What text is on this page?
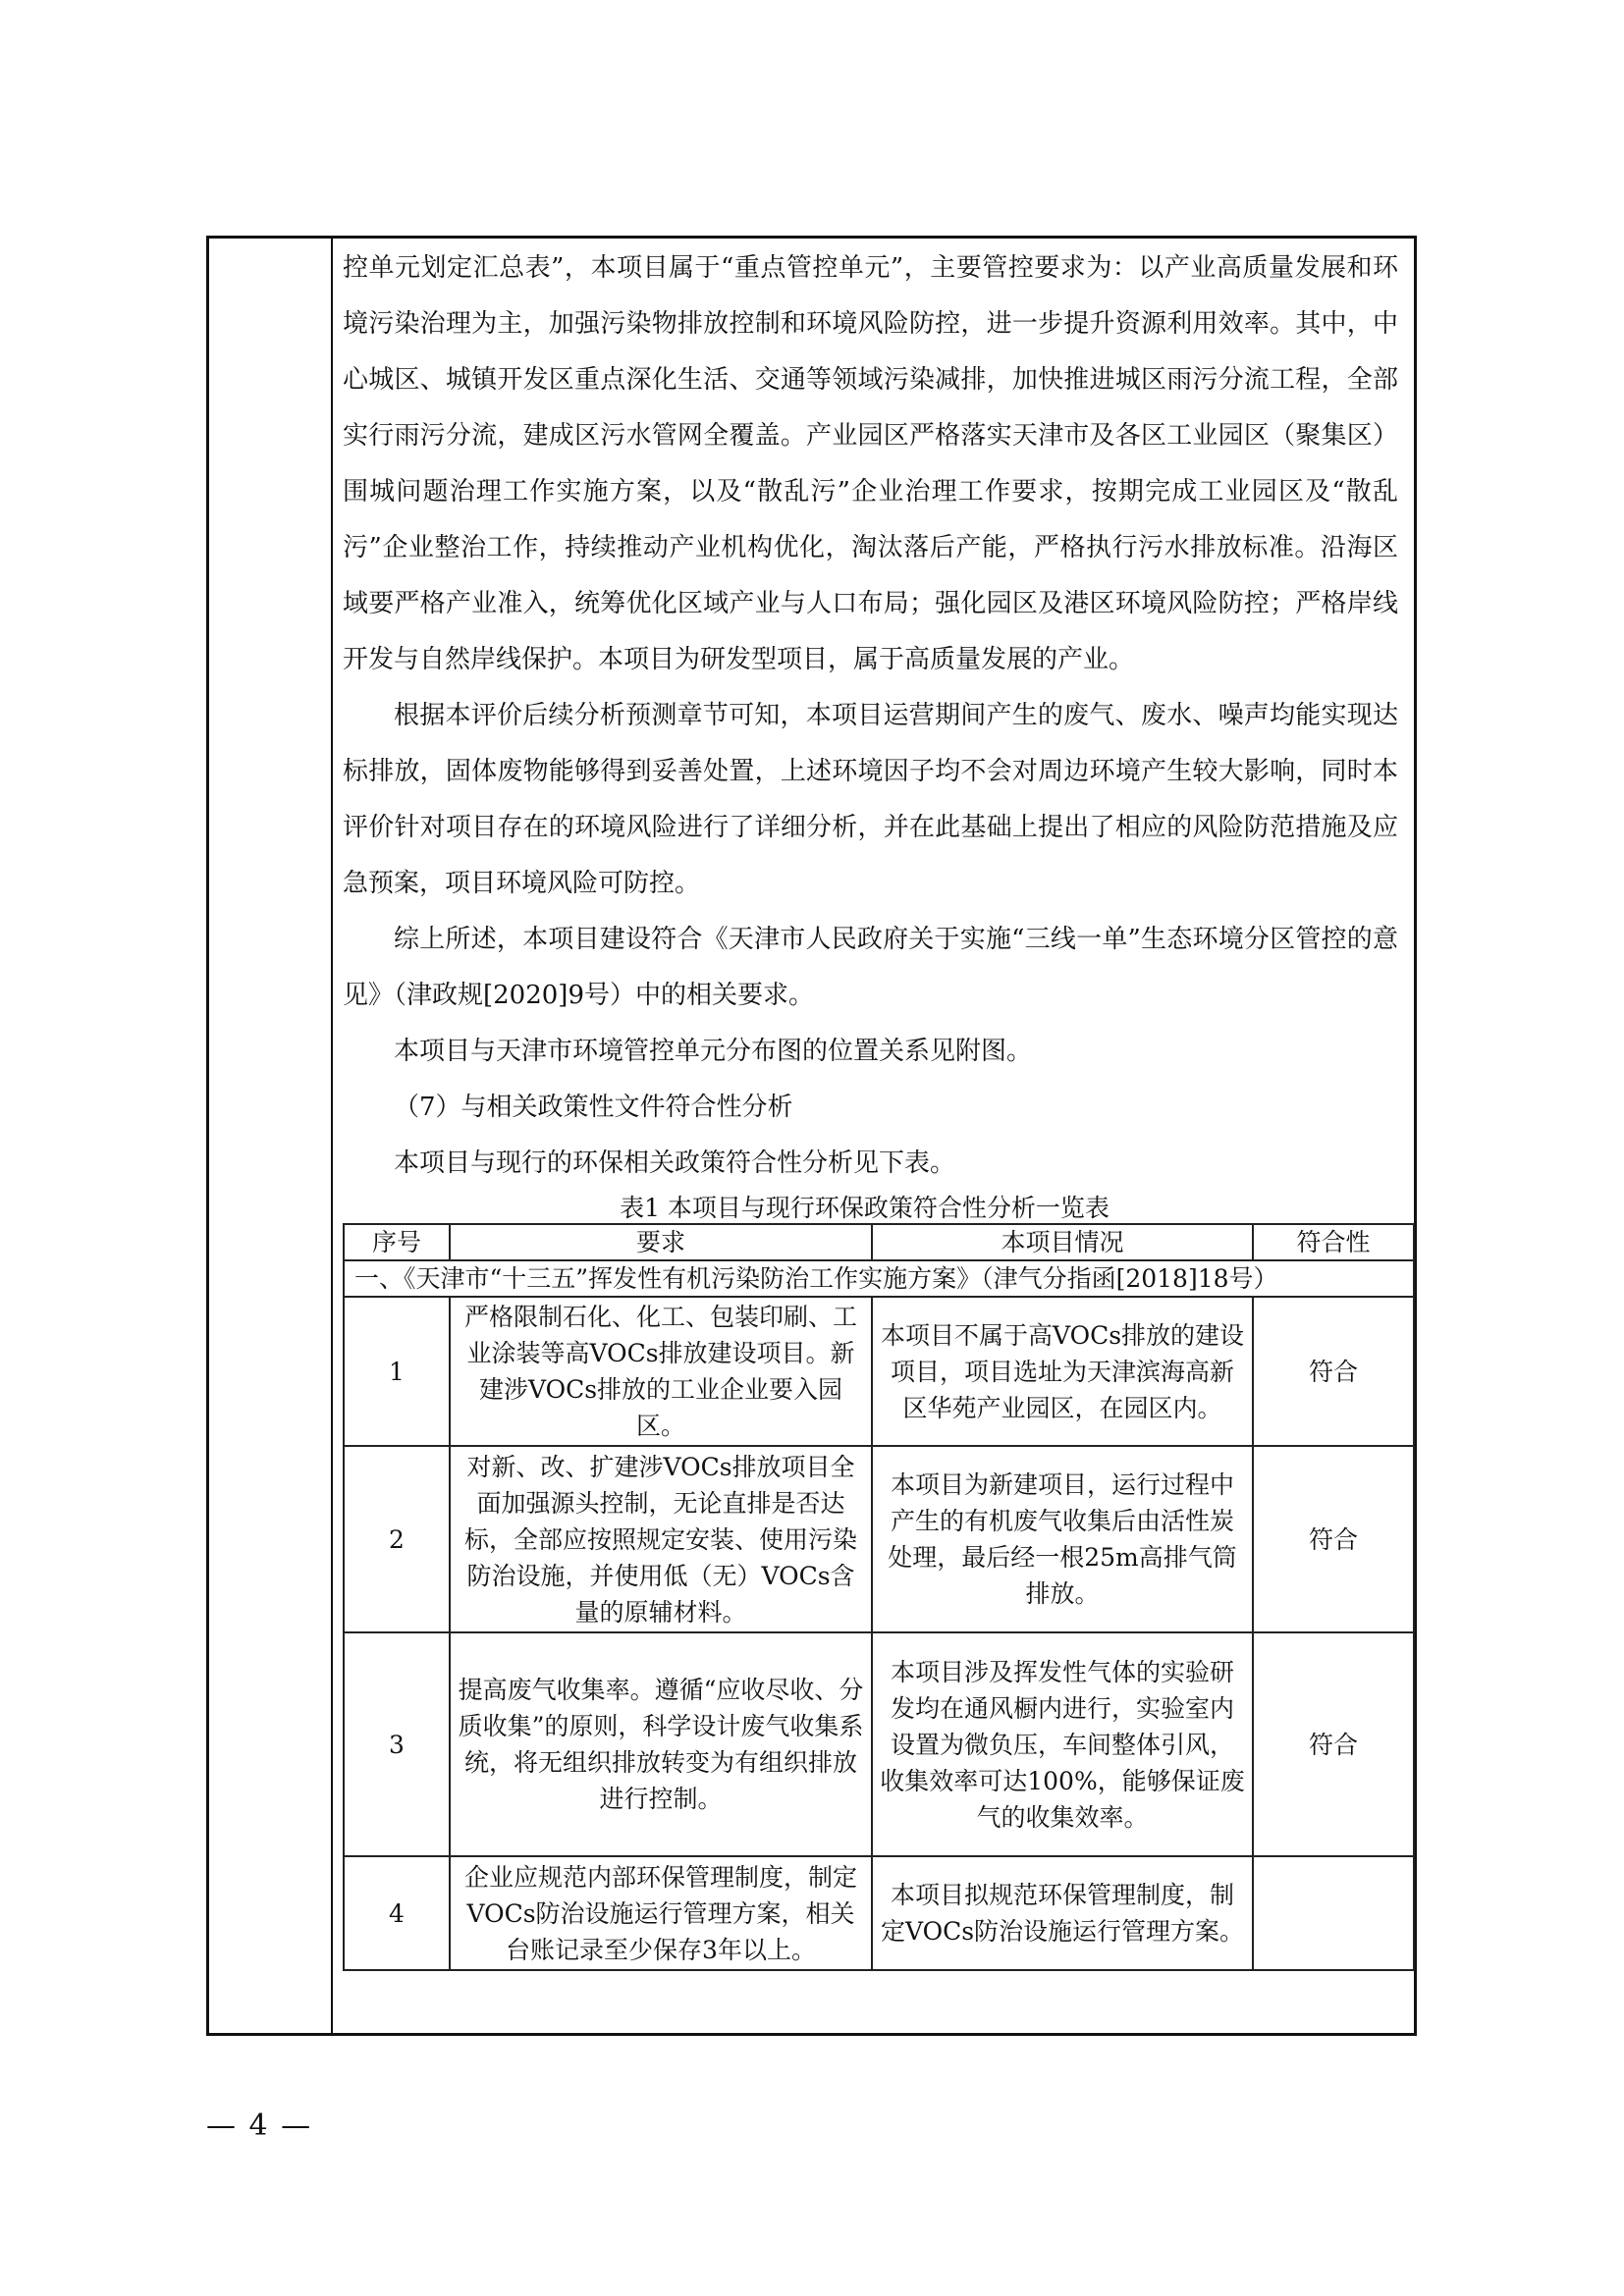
控单元划定汇总表”，本项目属于“重点管控单元”，主要管控要求为：以产业高质量发展和环境污染治理为主，加强污染物排放控制和环境风险防控，进一步提升资源利用效率。其中，中心城区、城镇开发区重点深化生活、交通等领域污染减排，加快推进城区雨污分流工程，全部实行雨污分流，建成区污水管网全覆盖。产业园区严格落实天津市及各区工业园区（聚集区）围城问题治理工作实施方案，以及“散乱污”企业治理工作要求，按期完成工业园区及“散乱污”企业整治工作，持续推动产业机构优化，淘汰落后产能，严格执行污水排放标准。沿海区域要严格产业准入，统筹优化区域产业与人口布局；强化园区及港区环境风险防控；严格岸线开发与自然岸线保护。本项目为研发型项目，属于高质量发展的产业。

根据本评价后续分析预测章节可知，本项目运营期间产生的废气、废水、噪声均能实现达标排放，固体废物能够得到妥善处置，上述环境因子均不会对周边环境产生较大影响，同时本评价针对项目存在的环境风险进行了详细分析，并在此基础上提出了相应的风险防范措施及应急预案，项目环境风险可防控。

综上所述，本项目建设符合《天津市人民政府关于实施“三线一单”生态环境分区管控的意见》（津政规[2020]9号）中的相关要求。

本项目与天津市环境管控单元分布图的位置关系见附图。

（7）与相关政策性文件符合性分析

本项目与现行的环保相关政策符合性分析见下表。

表1 本项目与现行环保政策符合性分析一览表
序号	要求	本项目情况	符合性
一、《天津市“十三五”挥发性有机污染防治工作实施方案》（津气分指函[2018]18号）			
1	严格限制石化、化工、包装印刷、工业涂装等高VOCs排放建设项目。新建涉VOCs排放的工业企业要入园区。	本项目不属于高VOCs排放的建设项目，项目选址为天津滨海高新区华苑产业园区，在园区内。	符合
2	对新、改、扩建涉VOCs排放项目全面加强源头控制，无论直排是否达标，全部应按照规定安装、使用污染防治设施，并使用低（无）VOCs含量的原辅材料。	本项目为新建项目，运行过程中产生的有机废气收集后由活性炭处理，最后经一根25m高排气筒排放。	符合
3	提高废气收集率。遵循“应收尽收、分质收集”的原则，科学设计废气收集系统，将无组织排放转变为有组织排放进行控制。	本项目涉及挥发性气体的实验研发均在通风橱内进行，实验室内设置为微负压，车间整体引风，收集效率可达100%，能够保证废气的收集效率。	符合
4	企业应规范内部环保管理制度，制定VOCs防治设施运行管理方案，相关台账记录至少保存3年以上。	本项目拟规范环保管理制度，制定VOCs防治设施运行管理方案。	
— 4 —
